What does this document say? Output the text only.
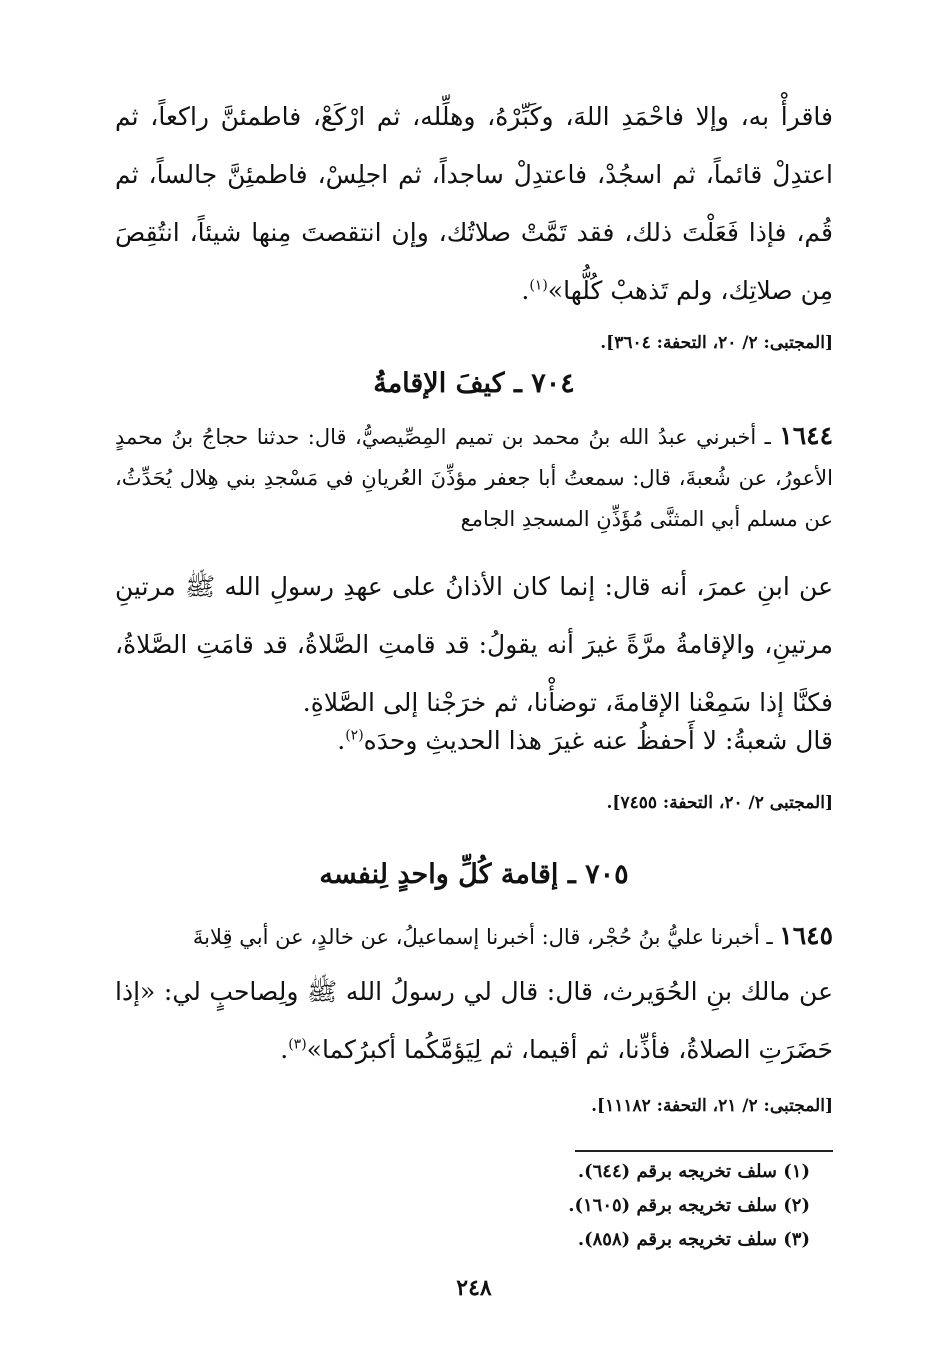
فاقرأْ به، وإلا فاحْمَدِ اللهَ، وكَبِّرْهُ، وهلِّله، ثم ارْكَعْ، فاطمئنَّ راكعاً، ثم اعتدِلْ قائماً، ثم اسجُدْ، فاعتدِلْ ساجداً، ثم اجلِسْ، فاطمئِنَّ جالساً، ثم قُم، فإذا فَعَلْتَ ذلك، فقد تَمَّتْ صلاتُك، وإن انتقصتَ مِنها شيئاً، انتُقِصَ مِن صلاتِك، ولم تَذهبْ كُلُّها»$^{(١)}$.

[المجتبى: ٢/ ٢٠، التحفة: ٣٦٠٤].

٧٠٤ ـ كيفَ الإقامةُ

١٦٤٤ ـ أخبرني عبدُ الله بنُ محمد بن تميم المِصِّيصيُّ، قال: حدثنا حجاجُ بنُ محمدٍ الأعورُ، عن شُعبةَ، قال: سمعتُ أبا جعفر مؤذِّنَ العُريانِ في مَسْجدِ بني هِلال يُحَدِّثُ، عن مسلم أبي المثنَّى مُؤَذِّنِ المسجدِ الجامع

عن ابنِ عمرَ، أنه قال: إنما كان الأذانُ على عهدِ رسولِ الله ﷺ مرتينِ مرتينِ، والإقامةُ مرَّةً غيرَ أنه يقولُ: قد قامتِ الصَّلاةُ، قد قامَتِ الصَّلاةُ، فكنَّا إذا سَمِعْنا الإقامةَ، توضأْنا، ثم خرَجْنا إلى الصَّلاةِ.

قال شعبةُ: لا أَحفظُ عنه غيرَ هذا الحديثِ وحدَه$^{(٢)}$.

[المجتبى ٢/ ٢٠، التحفة: ٧٤٥٥].

٧٠٥ ـ إقامة كُلِّ واحدٍ لِنفسه

١٦٤٥ ـ أخبرنا عليُّ بنُ حُجْر، قال: أخبرنا إسماعيلُ، عن خالدٍ، عن أبي قِلابةَ

عن مالك بنِ الحُوَيرث، قال: قال لي رسولُ الله ﷺ ولِصاحبٍ لي: «إذا حَضَرَتِ الصلاةُ، فأذِّنا، ثم أقيما، ثم لِيَؤمَّكُما أكبرُكما»$^{(٣)}$.

[المجتبى: ٢/ ٢١، التحفة: ١١١٨٢].

(١) سلف تخريجه برقم (٦٤٤).
(٢) سلف تخريجه برقم (١٦٠٥).
(٣) سلف تخريجه برقم (٨٥٨).
٢٤٨
